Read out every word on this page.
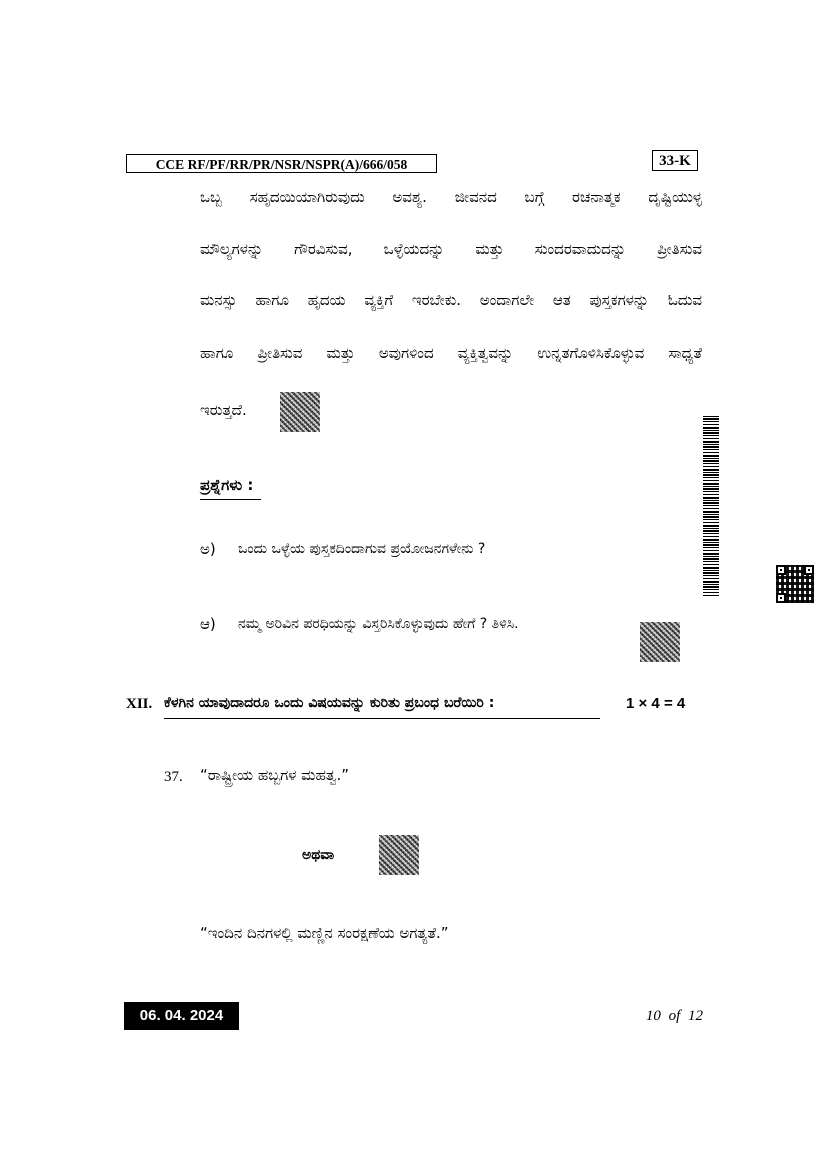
CCE RF/PF/RR/PR/NSR/NSPR(A)/666/058	33-K
ಒಬ್ಬ ಸಹೃದಯಿಯಾಗಿರುವುದು ಅವಶ್ಯ. ಜೀವನದ ಬಗ್ಗೆ ರಚನಾತ್ಮಕ ದೃಷ್ಟಿಯುಳ್ಳ
ಮೌಲ್ಯಗಳನ್ನು ಗೌರವಿಸುವ, ಒಳ್ಳೆಯದನ್ನು ಮತ್ತು ಸುಂದರವಾದುದನ್ನು ಪ್ರೀತಿಸುವ
ಮನಸ್ಸು ಹಾಗೂ ಹೃದಯ ವ್ಯಕ್ತಿಗೆ ಇರಬೇಕು. ಅಂದಾಗಲೇ ಆತ ಪುಸ್ತಕಗಳನ್ನು ಓದುವ
ಹಾಗೂ ಪ್ರೀತಿಸುವ ಮತ್ತು ಅವುಗಳಿಂದ ವ್ಯಕ್ತಿತ್ವವನ್ನು ಉನ್ನತಗೊಳಿಸಿಕೊಳ್ಳುವ ಸಾಧ್ಯತೆ
ಇರುತ್ತದೆ.
ಪ್ರಶ್ನೆಗಳು :
ಅ) ಒಂದು ಒಳ್ಳೆಯ ಪುಸ್ತಕದಿಂದಾಗುವ ಪ್ರಯೋಜನಗಳೇನು ?
ಆ) ನಮ್ಮ ಅರಿವಿನ ಪರಧಿಯನ್ನು ವಿಸ್ತರಿಸಿಕೊಳ್ಳುವುದು ಹೇಗೆ ? ತಿಳಿಸಿ.
XII. ಕೆಳಗಿನ ಯಾವುದಾದರೂ ಒಂದು ವಿಷಯವನ್ನು ಕುರಿತು ಪ್ರಬಂಧ ಬರೆಯಿರಿ :	1 × 4 = 4
37. “ರಾಷ್ಟ್ರೀಯ ಹಬ್ಬಗಳ ಮಹತ್ವ.”
ಅಥವಾ
“ಇಂದಿನ ದಿನಗಳಲ್ಲಿ ಮಣ್ಣಿನ ಸಂರಕ್ಷಣೆಯ ಅಗತ್ಯತೆ.”
06. 04. 2024	10 of 12
